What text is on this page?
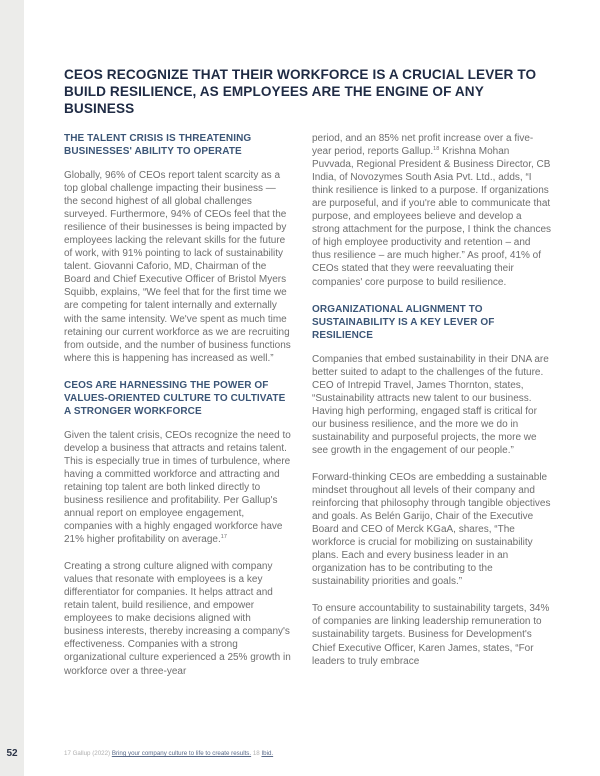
52
CEOS RECOGNIZE THAT THEIR WORKFORCE IS A CRUCIAL LEVER TO BUILD RESILIENCE, AS EMPLOYEES ARE THE ENGINE OF ANY BUSINESS
THE TALENT CRISIS IS THREATENING BUSINESSES' ABILITY TO OPERATE

Globally, 96% of CEOs report talent scarcity as a top global challenge impacting their business — the second highest of all global challenges surveyed. Furthermore, 94% of CEOs feel that the resilience of their businesses is being impacted by employees lacking the relevant skills for the future of work, with 91% pointing to lack of sustainability talent. Giovanni Caforio, MD, Chairman of the Board and Chief Executive Officer of Bristol Myers Squibb, explains, “We feel that for the first time we are competing for talent internally and externally with the same intensity. We've spent as much time retaining our current workforce as we are recruiting from outside, and the number of business functions where this is happening has increased as well.”

CEOS ARE HARNESSING THE POWER OF VALUES-ORIENTED CULTURE TO CULTIVATE A STRONGER WORKFORCE

Given the talent crisis, CEOs recognize the need to develop a business that attracts and retains talent. This is especially true in times of turbulence, where having a committed workforce and attracting and retaining top talent are both linked directly to business resilience and profitability. Per Gallup's annual report on employee engagement, companies with a highly engaged workforce have 21% higher profitability on average.$^{17}$

Creating a strong culture aligned with company values that resonate with employees is a key differentiator for companies. It helps attract and retain talent, build resilience, and empower employees to make decisions aligned with business interests, thereby increasing a company's effectiveness. Companies with a strong organizational culture experienced a 25% growth in workforce over a three-year

period, and an 85% net profit increase over a five-year period, reports Gallup.$^{18}$ Krishna Mohan Puvvada, Regional President & Business Director, CB India, of Novozymes South Asia Pvt. Ltd., adds, “I think resilience is linked to a purpose. If organizations are purposeful, and if you're able to communicate that purpose, and employees believe and develop a strong attachment for the purpose, I think the chances of high employee productivity and retention – and thus resilience – are much higher.” As proof, 41% of CEOs stated that they were reevaluating their companies' core purpose to build resilience.

ORGANIZATIONAL ALIGNMENT TO SUSTAINABILITY IS A KEY LEVER OF RESILIENCE

Companies that embed sustainability in their DNA are better suited to adapt to the challenges of the future. CEO of Intrepid Travel, James Thornton, states, “Sustainability attracts new talent to our business. Having high performing, engaged staff is critical for our business resilience, and the more we do in sustainability and purposeful projects, the more we see growth in the engagement of our people.”

Forward-thinking CEOs are embedding a sustainable mindset throughout all levels of their company and reinforcing that philosophy through tangible objectives and goals. As Belén Garijo, Chair of the Executive Board and CEO of Merck KGaA, shares, “The workforce is crucial for mobilizing on sustainability plans. Each and every business leader in an organization has to be contributing to the sustainability priorities and goals.”

To ensure accountability to sustainability targets, 34% of companies are linking leadership remuneration to sustainability targets. Business for Development's Chief Executive Officer, Karen James, states, “For leaders to truly embrace

17 Gallup (2022) Bring your company culture to life to create results. 18 Ibid.
